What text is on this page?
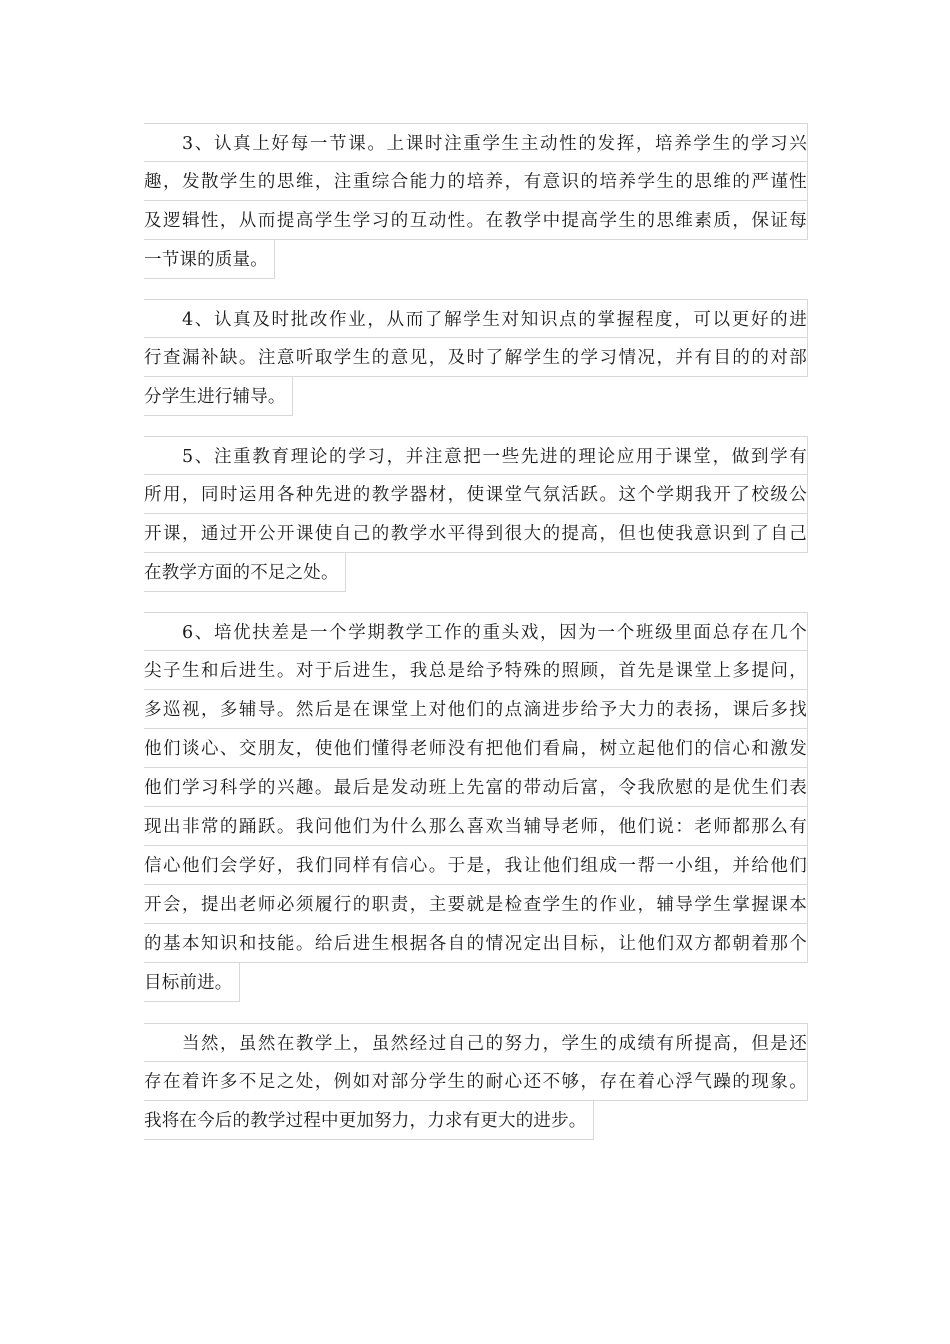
3、认真上好每一节课。上课时注重学生主动性的发挥，培养学生的学习兴
趣，发散学生的思维，注重综合能力的培养，有意识的培养学生的思维的严谨性
及逻辑性，从而提高学生学习的互动性。在教学中提高学生的思维素质，保证每
一节课的质量。
4、认真及时批改作业，从而了解学生对知识点的掌握程度，可以更好的进
行查漏补缺。注意听取学生的意见，及时了解学生的学习情况，并有目的的对部
分学生进行辅导。
5、注重教育理论的学习，并注意把一些先进的理论应用于课堂，做到学有
所用，同时运用各种先进的教学器材，使课堂气氛活跃。这个学期我开了校级公
开课，通过开公开课使自己的教学水平得到很大的提高，但也使我意识到了自己
在教学方面的不足之处。
6、培优扶差是一个学期教学工作的重头戏，因为一个班级里面总存在几个
尖子生和后进生。对于后进生，我总是给予特殊的照顾，首先是课堂上多提问，
多巡视，多辅导。然后是在课堂上对他们的点滴进步给予大力的表扬，课后多找
他们谈心、交朋友，使他们懂得老师没有把他们看扁，树立起他们的信心和激发
他们学习科学的兴趣。最后是发动班上先富的带动后富，令我欣慰的是优生们表
现出非常的踊跃。我问他们为什么那么喜欢当辅导老师，他们说：老师都那么有
信心他们会学好，我们同样有信心。于是，我让他们组成一帮一小组，并给他们
开会，提出老师必须履行的职责，主要就是检查学生的作业，辅导学生掌握课本
的基本知识和技能。给后进生根据各自的情况定出目标，让他们双方都朝着那个
目标前进。
当然，虽然在教学上，虽然经过自己的努力，学生的成绩有所提高，但是还
存在着许多不足之处，例如对部分学生的耐心还不够，存在着心浮气躁的现象。
我将在今后的教学过程中更加努力，力求有更大的进步。
